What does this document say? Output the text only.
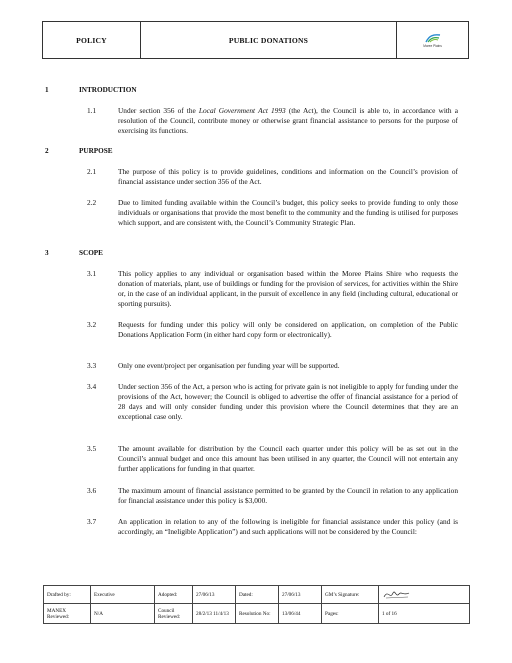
POLICY	PUBLIC DONATIONS
Moree Plains
1	INTRODUCTION
1.1	Under section 356 of the Local Government Act 1993 (the Act), the Council is able to, in accordance with a resolution of the Council, contribute money or otherwise grant financial assistance to persons for the purpose of exercising its functions.
2	PURPOSE
2.1	The purpose of this policy is to provide guidelines, conditions and information on the Council’s provision of financial assistance under section 356 of the Act.
2.2	Due to limited funding available within the Council’s budget, this policy seeks to provide funding to only those individuals or organisations that provide the most benefit to the community and the funding is utilised for purposes which support, and are consistent with, the Council’s Community Strategic Plan.
3	SCOPE
3.1	This policy applies to any individual or organisation based within the Moree Plains Shire who requests the donation of materials, plant, use of buildings or funding for the provision of services, for activities within the Shire or, in the case of an individual applicant, in the pursuit of excellence in any field (including cultural, educational or sporting pursuits).
3.2	Requests for funding under this policy will only be considered on application, on completion of the Public Donations Application Form (in either hard copy form or electronically).
3.3	Only one event/project per organisation per funding year will be supported.
3.4	Under section 356 of the Act, a person who is acting for private gain is not ineligible to apply for funding under the provisions of the Act, however; the Council is obliged to advertise the offer of financial assistance for a period of 28 days and will only consider funding under this provision where the Council determines that they are an exceptional case only.
3.5	The amount available for distribution by the Council each quarter under this policy will be as set out in the Council’s annual budget and once this amount has been utilised in any quarter, the Council will not entertain any further applications for funding in that quarter.
3.6	The maximum amount of financial assistance permitted to be granted by the Council in relation to any application for financial assistance under this policy is $3,000.
3.7	An application in relation to any of the following is ineligible for financial assistance under this policy (and is accordingly, an “Ineligible Application”) and such applications will not be considered by the Council:
Drafted by:	Executive	Adopted:	27/06/13	Dated:	27/06/13	GM’s Signature:	
MANEX Reviewed:	N/A	Council Reviewed:	28/2/13 11/4/13	Resolution No:	13/06/44	Pages:	1 of 16
